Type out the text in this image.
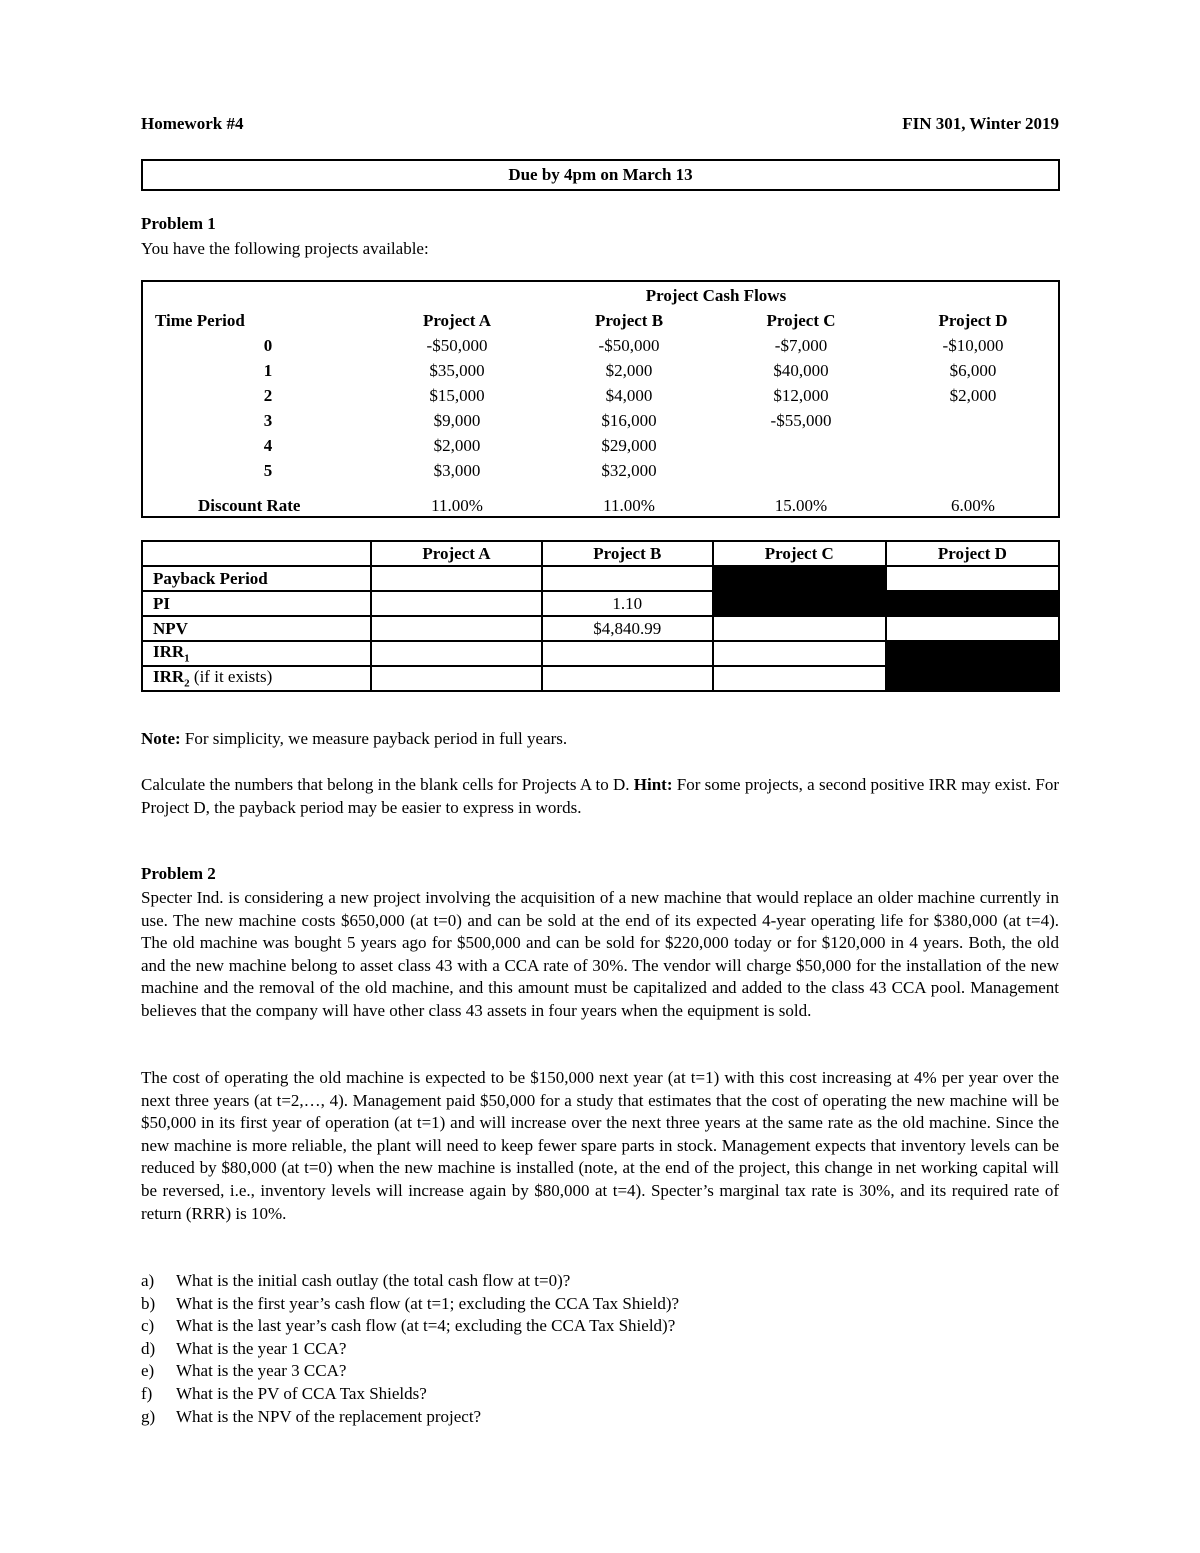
Homework #4	FIN 301, Winter 2019
Due by 4pm on March 13
Problem 1
You have the following projects available:
Project Cash Flows
Time Period	Project A	Project B	Project C	Project D
0	-$50,000	-$50,000	-$7,000	-$10,000
1	$35,000	$2,000	$40,000	$6,000
2	$15,000	$4,000	$12,000	$2,000
3	$9,000	$16,000	-$55,000
4	$2,000	$29,000
5	$3,000	$32,000
Discount Rate	11.00%	11.00%	15.00%	6.00%
	Project A	Project B	Project C	Project D
Payback Period				
PI		1.10		
NPV		$4,840.99		
$IRR_1$				
$IRR_2$ (if it exists)				
Note: For simplicity, we measure payback period in full years.
Calculate the numbers that belong in the blank cells for Projects A to D. Hint: For some projects, a second positive IRR may exist. For Project D, the payback period may be easier to express in words.
Problem 2
Specter Ind. is considering a new project involving the acquisition of a new machine that would replace an older machine currently in use. The new machine costs $650,000 (at t=0) and can be sold at the end of its expected 4-year operating life for $380,000 (at t=4). The old machine was bought 5 years ago for $500,000 and can be sold for $220,000 today or for $120,000 in 4 years. Both, the old and the new machine belong to asset class 43 with a CCA rate of 30%. The vendor will charge $50,000 for the installation of the new machine and the removal of the old machine, and this amount must be capitalized and added to the class 43 CCA pool. Management believes that the company will have other class 43 assets in four years when the equipment is sold.
The cost of operating the old machine is expected to be $150,000 next year (at t=1) with this cost increasing at 4% per year over the next three years (at t=2,…, 4). Management paid $50,000 for a study that estimates that the cost of operating the new machine will be $50,000 in its first year of operation (at t=1) and will increase over the next three years at the same rate as the old machine. Since the new machine is more reliable, the plant will need to keep fewer spare parts in stock. Management expects that inventory levels can be reduced by $80,000 (at t=0) when the new machine is installed (note, at the end of the project, this change in net working capital will be reversed, i.e., inventory levels will increase again by $80,000 at t=4). Specter’s marginal tax rate is 30%, and its required rate of return (RRR) is 10%.
a) What is the initial cash outlay (the total cash flow at t=0)?
b) What is the first year’s cash flow (at t=1; excluding the CCA Tax Shield)?
c) What is the last year’s cash flow (at t=4; excluding the CCA Tax Shield)?
d) What is the year 1 CCA?
e) What is the year 3 CCA?
f) What is the PV of CCA Tax Shields?
g) What is the NPV of the replacement project?
